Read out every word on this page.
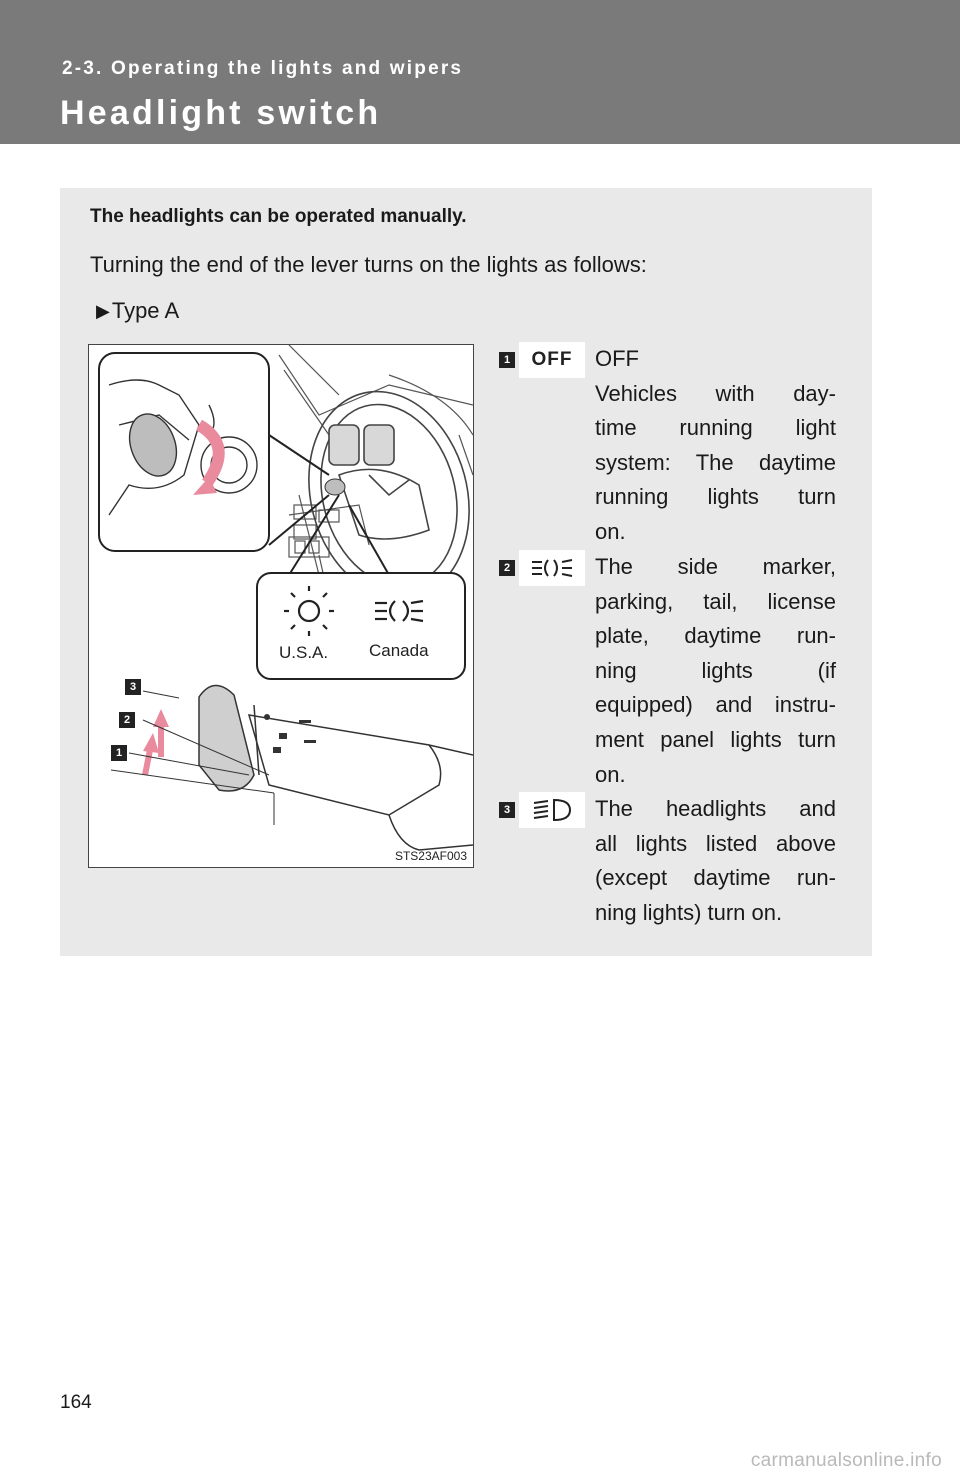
2-3. Operating the lights and wipers
Headlight switch
The headlights can be operated manually.
Turning the end of the lever turns on the lights as follows:
▶ Type A
3
2
1
U.S.A. Canada
STS23AF003
1 OFF OFF
Vehicles with day-
time running light
system: The daytime
running lights turn
on.
2	The side marker,
parking, tail, license
plate, daytime run-
ning lights (if
equipped) and instru-
ment panel lights turn
on.
3	The headlights and
all lights listed above
(except daytime run-
ning lights) turn on.
164
carmanualsonline.info
